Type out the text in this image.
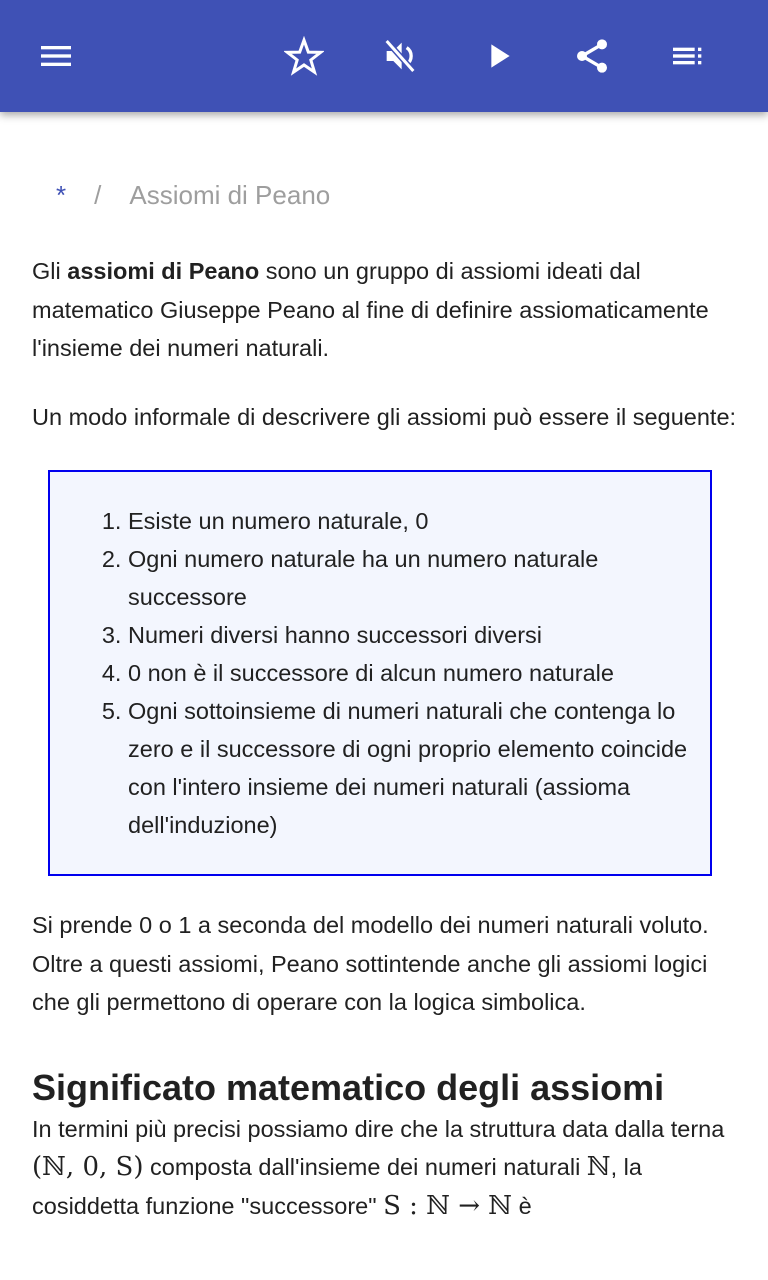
* / Assiomi di Peano

Gli assiomi di Peano sono un gruppo di assiomi ideati dal matematico Giuseppe Peano al fine di definire assiomaticamente l'insieme dei numeri naturali.

Un modo informale di descrivere gli assiomi può essere il seguente:

1. Esiste un numero naturale, 0
2. Ogni numero naturale ha un numero naturale successore
3. Numeri diversi hanno successori diversi
4. 0 non è il successore di alcun numero naturale
5. Ogni sottoinsieme di numeri naturali che contenga lo zero e il successore di ogni proprio elemento coincide con l'intero insieme dei numeri naturali (assioma dell'induzione)

Si prende 0 o 1 a seconda del modello dei numeri naturali voluto. Oltre a questi assiomi, Peano sottintende anche gli assiomi logici che gli permettono di operare con la logica simbolica.

Significato matematico degli assiomi

In termini più precisi possiamo dire che la struttura data dalla terna (ℕ, 0, S) composta dall'insieme dei numeri naturali ℕ, la cosiddetta funzione "successore" S : ℕ → ℕ è
